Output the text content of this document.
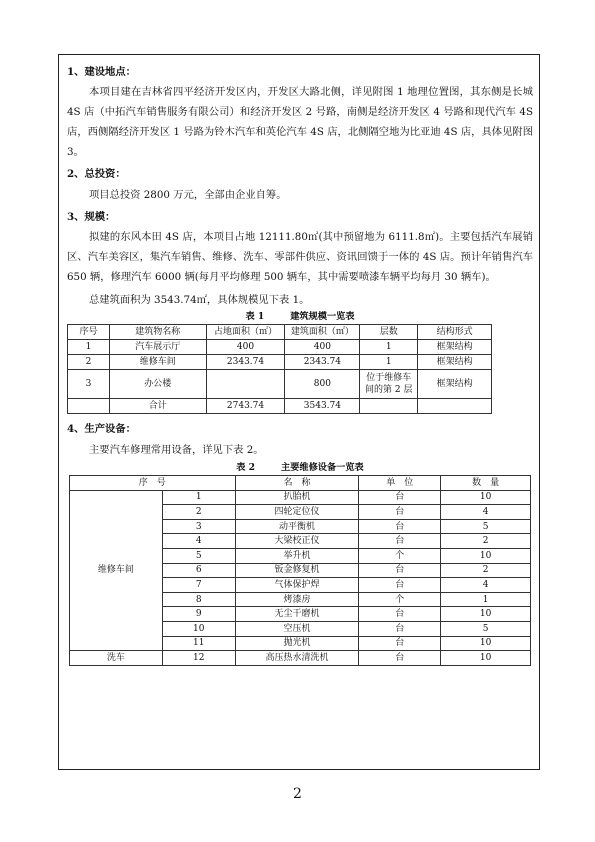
1、建设地点：

本项目建在吉林省四平经济开发区内，开发区大路北侧，详见附图 1 地理位置图，其东侧是长城 4S 店（中拓汽车销售服务有限公司）和经济开发区 2 号路，南侧是经济开发区 4 号路和现代汽车 4S 店，西侧隔经济开发区 1 号路为铃木汽车和英伦汽车 4S 店，北侧隔空地为比亚迪 4S 店，具体见附图 3。

2、总投资：

项目总投资 2800 万元，全部由企业自筹。

3、规模：

拟建的东风本田 4S 店，本项目占地 12111.80㎡(其中预留地为 6111.8㎡)。主要包括汽车展销区、汽车美容区，集汽车销售、维修、洗车、零部件供应、资讯回馈于一体的 4S 店。预计年销售汽车 650 辆，修理汽车 6000 辆(每月平均修理 500 辆车，其中需要喷漆车辆平均每月 30 辆车)。

总建筑面积为 3543.74㎡，具体规模见下表 1。

表 1	建筑规模一览表

序号	建筑物名称	占地面积（㎡）	建筑面积（㎡）	层数	结构形式
1	汽车展示厅	400	400	1	框架结构
2	维修车间	2343.74	2343.74	1	框架结构
3	办公楼		800	位于维修车间的第 2 层	框架结构
	合计	2743.74	3543.74		

4、生产设备：

主要汽车修理常用设备，详见下表 2。

表 2	主要维修设备一览表

序　号		名　称	单　位	数　量
维修车间	1	扒胎机	台	10
	2	四轮定位仪	台	4
	3	动平衡机	台	5
	4	大梁校正仪	台	2
	5	举升机	个	10
	6	钣金修复机	台	2
	7	气体保护焊	台	4
	8	烤漆房	个	1
	9	无尘干磨机	台	10
	10	空压机	台	5
	11	抛光机	台	10
洗车	12	高压热水清洗机	台	10
2
